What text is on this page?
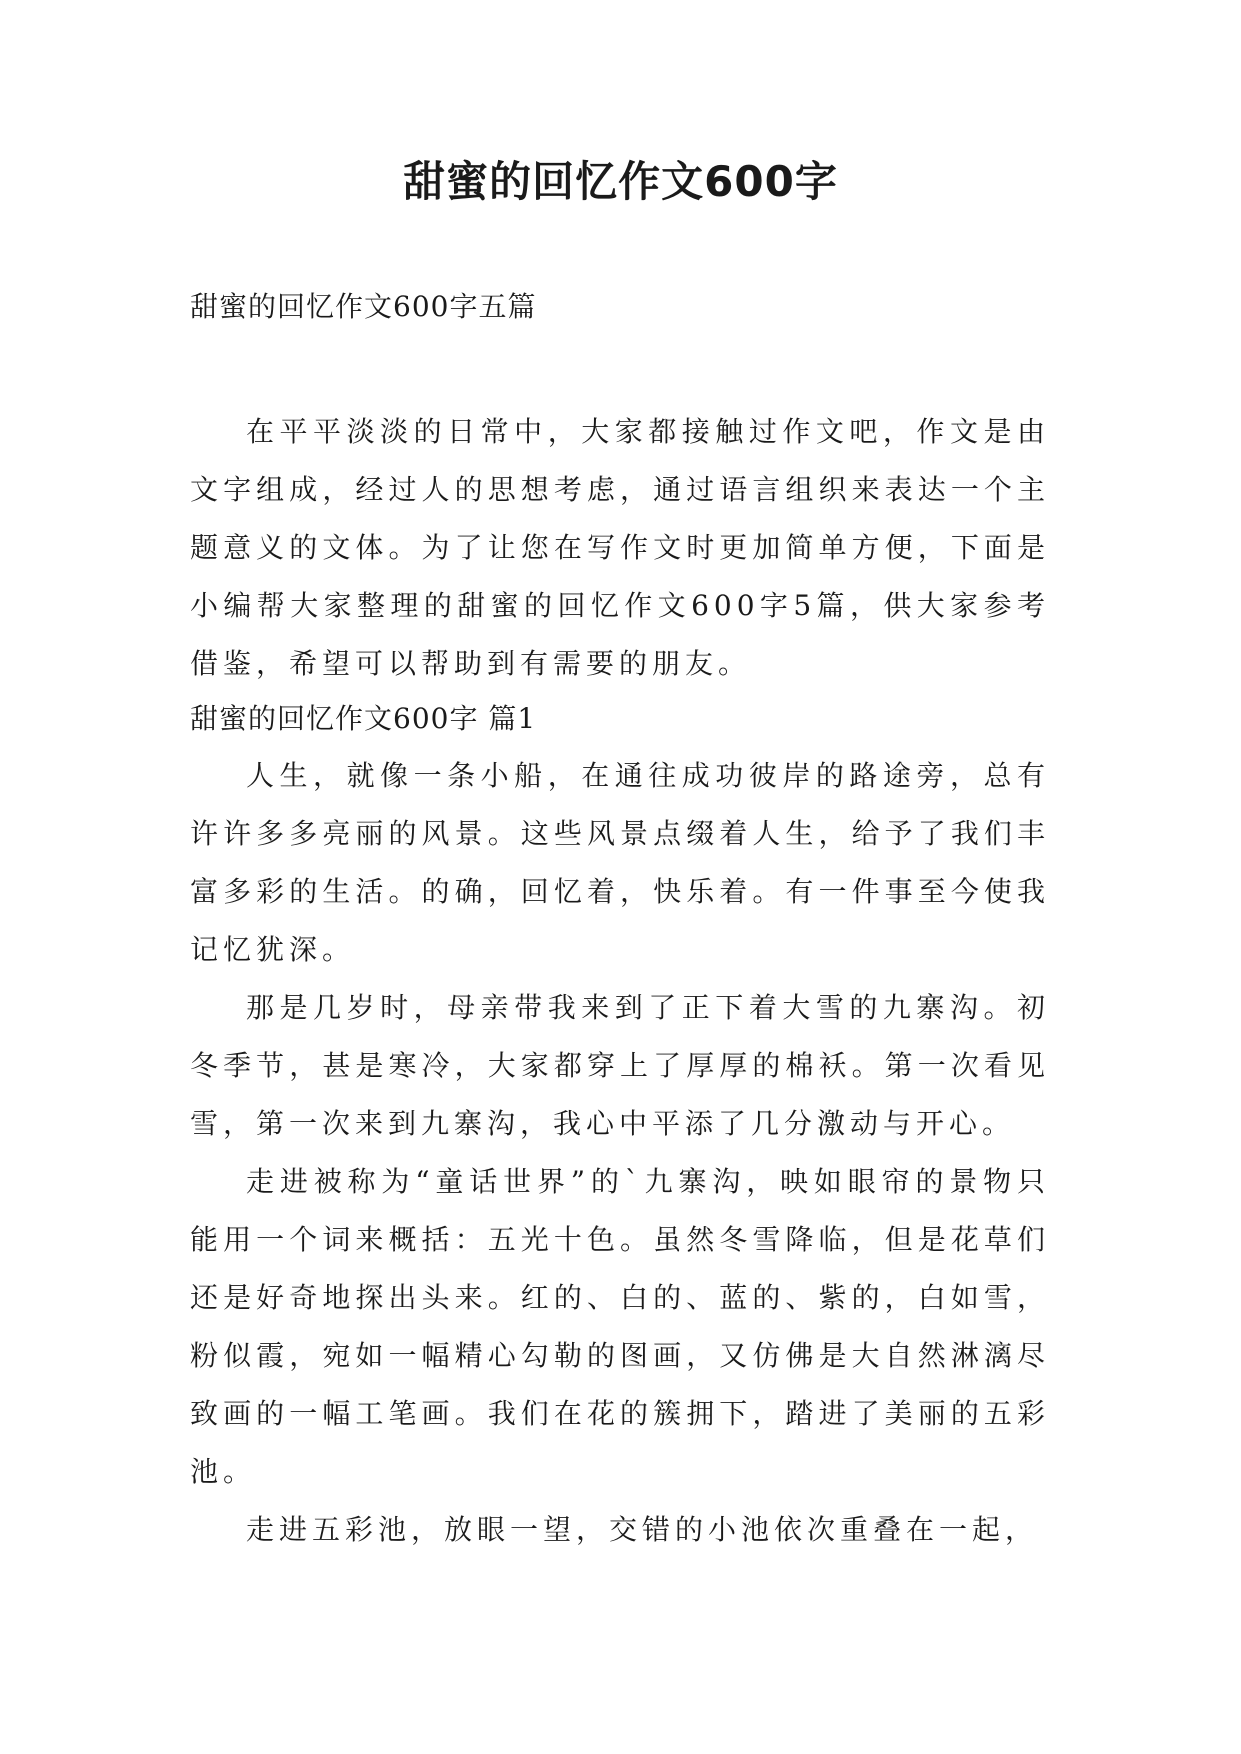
甜蜜的回忆作文600字

甜蜜的回忆作文600字五篇

在平平淡淡的日常中，大家都接触过作文吧，作文是由文字组成，经过人的思想考虑，通过语言组织来表达一个主题意义的文体。为了让您在写作文时更加简单方便，下面是小编帮大家整理的甜蜜的回忆作文600字5篇，供大家参考借鉴，希望可以帮助到有需要的朋友。

甜蜜的回忆作文600字 篇1

人生，就像一条小船，在通往成功彼岸的路途旁，总有许许多多亮丽的风景。这些风景点缀着人生，给予了我们丰富多彩的生活。的确，回忆着，快乐着。有一件事至今使我记忆犹深。

那是几岁时，母亲带我来到了正下着大雪的九寨沟。初冬季节，甚是寒冷，大家都穿上了厚厚的棉袄。第一次看见雪，第一次来到九寨沟，我心中平添了几分激动与开心。

走进被称为“童话世界”的`九寨沟，映如眼帘的景物只能用一个词来概括：五光十色。虽然冬雪降临，但是花草们还是好奇地探出头来。红的、白的、蓝的、紫的，白如雪，粉似霞，宛如一幅精心勾勒的图画，又仿佛是大自然淋漓尽致画的一幅工笔画。我们在花的簇拥下，踏进了美丽的五彩池。

走进五彩池，放眼一望，交错的小池依次重叠在一起，
